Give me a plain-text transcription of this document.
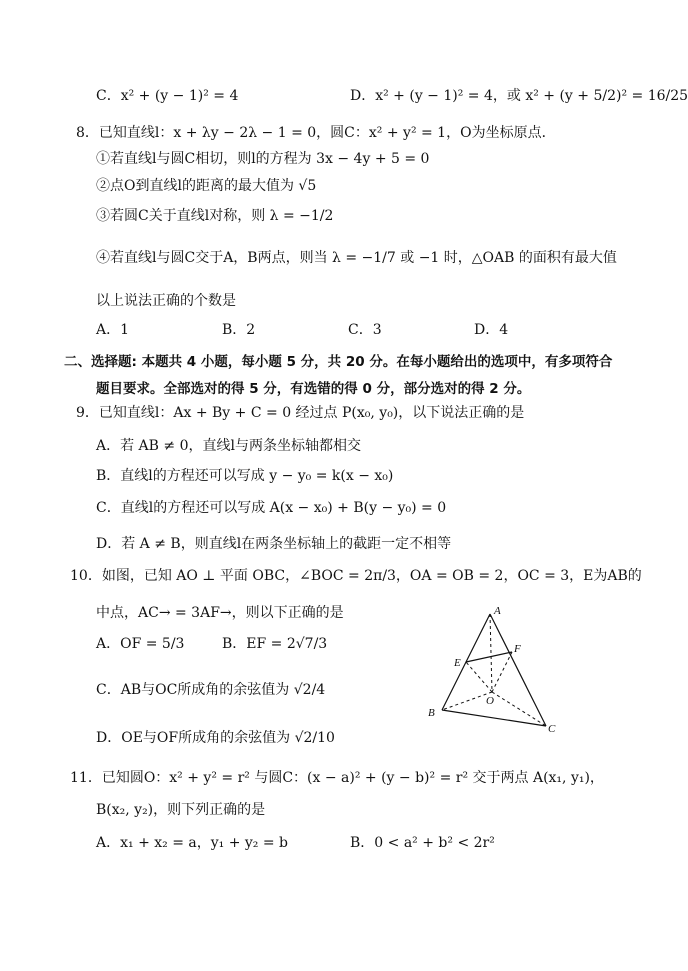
C．x² + (y − 1)² = 4	D．x² + (y − 1)² = 4，或 x² + (y + 5/2)² = 16/25
8．已知直线l：x + λy − 2λ − 1 = 0，圆C：x² + y² = 1，O为坐标原点．
①若直线l与圆C相切，则l的方程为 3x − 4y + 5 = 0
②点O到直线l的距离的最大值为 √5
③若圆C关于直线l对称，则 λ = −1/2
④若直线l与圆C交于A，B两点，则当 λ = −1/7 或 −1 时，△OAB 的面积有最大值
以上说法正确的个数是
A．1	B．2	C．3	D．4
二、选择题: 本题共 4 小题，每小题 5 分，共 20 分。在每小题给出的选项中，有多项符合
题目要求。全部选对的得 5 分，有选错的得 0 分，部分选对的得 2 分。
9．已知直线l：Ax + By + C = 0 经过点 P(x₀, y₀)，以下说法正确的是
A．若 AB ≠ 0，直线l与两条坐标轴都相交
B．直线l的方程还可以写成 y − y₀ = k(x − x₀)
C．直线l的方程还可以写成 A(x − x₀) + B(y − y₀) = 0
D．若 A ≠ B，则直线l在两条坐标轴上的截距一定不相等
10．如图，已知 AO ⊥ 平面 OBC，∠BOC = 2π/3，OA = OB = 2，OC = 3，E为AB的
中点，AC→ = 3AF→，则以下正确的是
A．OF = 5/3	B．EF = 2√7/3
C．AB与OC所成角的余弦值为 √2/4
D．OE与OF所成角的余弦值为 √2/10
A
B
C
E
F
O
11．已知圆O：x² + y² = r² 与圆C：(x − a)² + (y − b)² = r² 交于两点 A(x₁, y₁)，
B(x₂, y₂)，则下列正确的是
A．x₁ + x₂ = a，y₁ + y₂ = b	B．0 < a² + b² < 2r²
